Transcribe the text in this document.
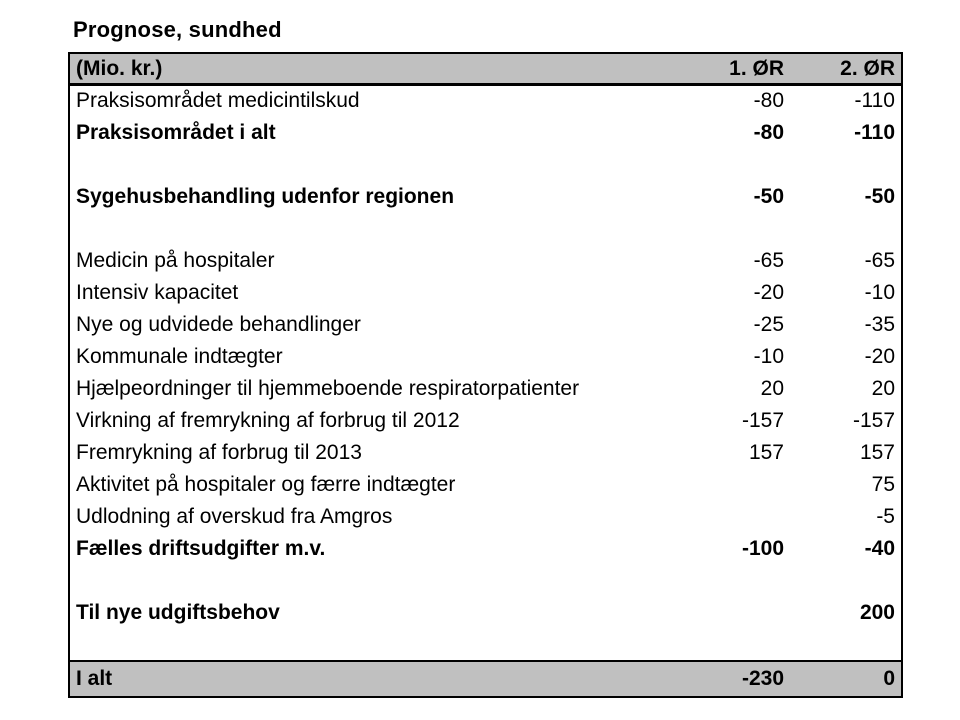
Prognose, sundhed
(Mio. kr.)	1. ØR	2. ØR
Praksisområdet medicintilskud	-80	-110
Praksisområdet i alt	-80	-110

Sygehusbehandling udenfor regionen	-50	-50

Medicin på hospitaler	-65	-65
Intensiv kapacitet	-20	-10
Nye og udvidede behandlinger	-25	-35
Kommunale indtægter	-10	-20
Hjælpeordninger til hjemmeboende respiratorpatienter	20	20
Virkning af fremrykning af forbrug til 2012	-157	-157
Fremrykning af forbrug til 2013	157	157
Aktivitet på hospitaler og færre indtægter		75
Udlodning af overskud fra Amgros		-5
Fælles driftsudgifter m.v.	-100	-40

Til nye udgiftsbehov		200

I alt	-230	0
